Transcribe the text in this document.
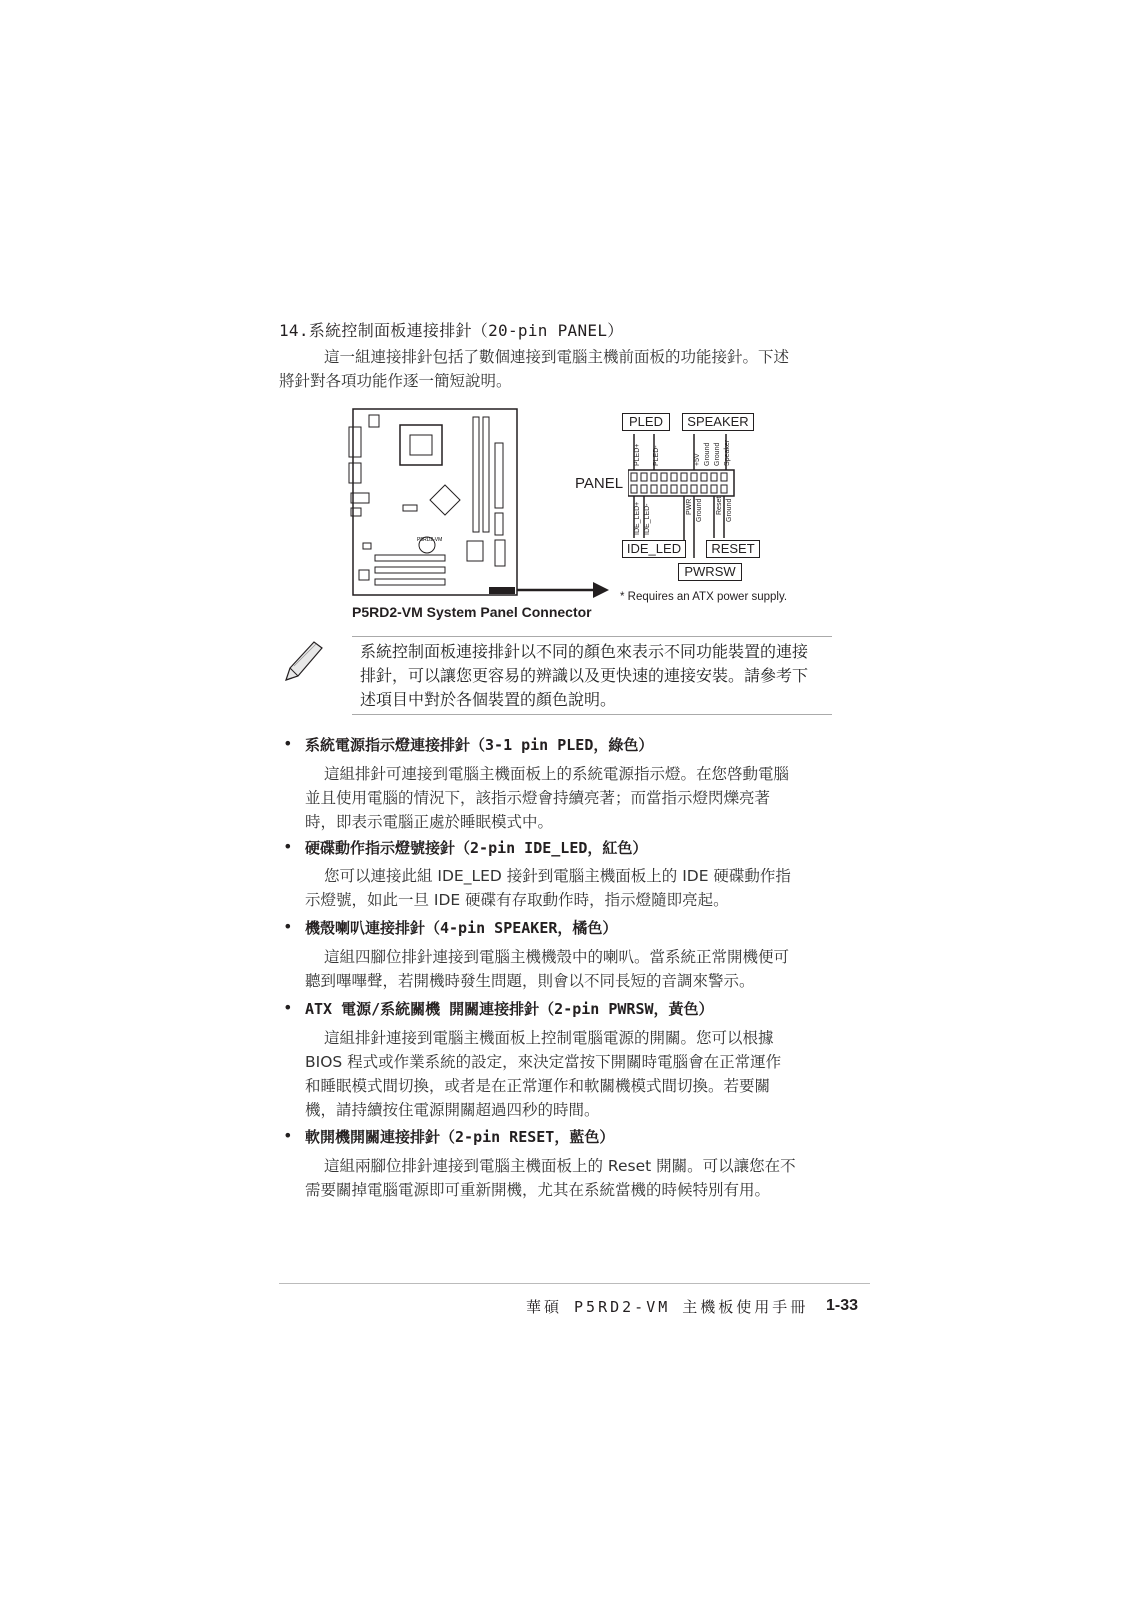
14.系統控制面板連接排針（20-pin PANEL）
這一組連接排針包括了數個連接到電腦主機前面板的功能接針。下述
將針對各項功能作逐一簡短說明。
P5RD2-VM
P5RD2-VM System Panel Connector
PLED	SPEAKER
PANEL
PLED+ PLED-	+5V Ground Ground Speaker
IDE_LED+ IDE_LED-	PWR Ground Reset Ground
IDE_LED	RESET
PWRSW
* Requires an ATX power supply.
系統控制面板連接排針以不同的顏色來表示不同功能裝置的連接
排針，可以讓您更容易的辨識以及更快速的連接安裝。請參考下
述項目中對於各個裝置的顏色說明。
• 系統電源指示燈連接排針（3-1 pin PLED，綠色）
這組排針可連接到電腦主機面板上的系統電源指示燈。在您啓動電腦
並且使用電腦的情況下，該指示燈會持續亮著；而當指示燈閃爍亮著
時，即表示電腦正處於睡眠模式中。
• 硬碟動作指示燈號接針（2-pin IDE_LED，紅色）
您可以連接此組 IDE_LED 接針到電腦主機面板上的 IDE 硬碟動作指
示燈號，如此一旦 IDE 硬碟有存取動作時，指示燈隨即亮起。
• 機殼喇叭連接排針（4-pin SPEAKER，橘色）
這組四腳位排針連接到電腦主機機殼中的喇叭。當系統正常開機便可
聽到嗶嗶聲，若開機時發生問題，則會以不同長短的音調來警示。
• ATX 電源/系統關機 開關連接排針（2-pin PWRSW，黃色）
這組排針連接到電腦主機面板上控制電腦電源的開關。您可以根據
BIOS 程式或作業系統的設定，來決定當按下開關時電腦會在正常運作
和睡眠模式間切換，或者是在正常運作和軟關機模式間切換。若要關
機，請持續按住電源開關超過四秒的時間。
• 軟開機開關連接排針（2-pin RESET，藍色）
這組兩腳位排針連接到電腦主機面板上的 Reset 開關。可以讓您在不
需要關掉電腦電源即可重新開機，尤其在系統當機的時候特別有用。
華碩 P5RD2-VM 主機板使用手冊 1-33
